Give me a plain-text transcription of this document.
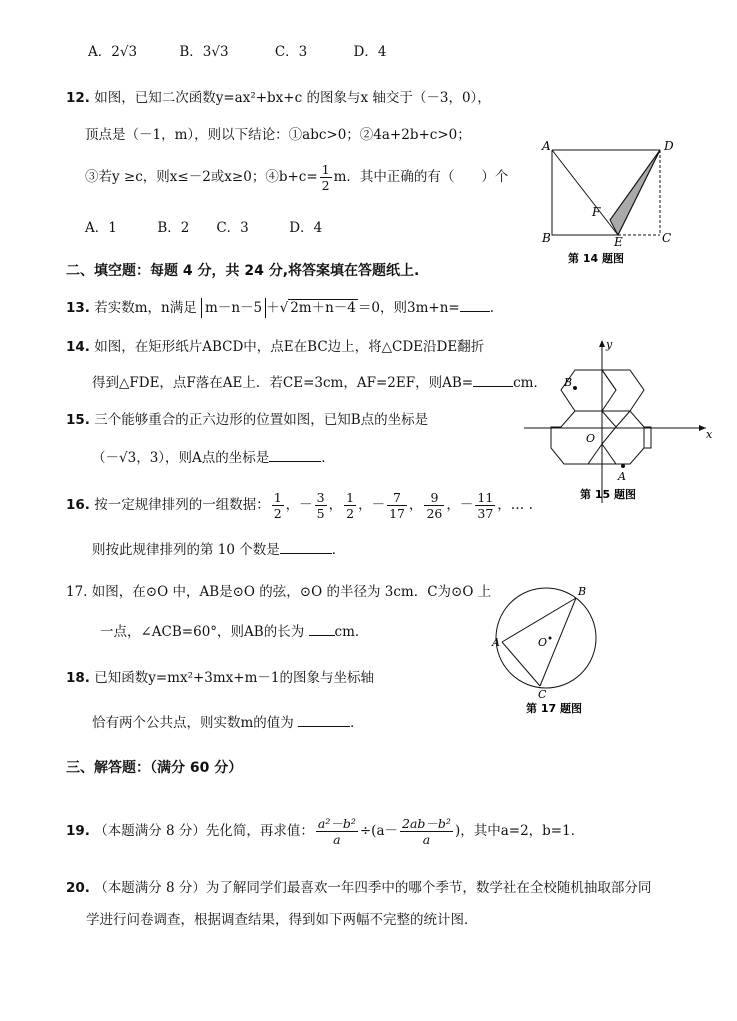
A．2√3	B．3√3	C．3	D．4
12. 如图，已知二次函数y=ax²+bx+c 的图象与x 轴交于（－3，0），
顶点是（－1，m），则以下结论：①abc>0；②4a+2b+c>0；
③若y ≥c，则x≤－2或x≥0；④b+c= $\frac{1}{2}$ m．其中正确的有（　　）个
A．1　　　B．2　　C．3　　　D．4
二、填空题：每题 4 分，共 24 分,将答案填在答题纸上.
13. 若实数m，n满足 m－n－5 ＋√ 2m＋n－4 ＝0，则3m+n= .
14. 如图，在矩形纸片ABCD中，点E在BC边上，将△CDE沿DE翻折
得到△FDE，点F落在AE上．若CE=3cm，AF=2EF，则AB=	cm．
15. 三个能够重合的正六边形的位置如图，已知B点的坐标是
（－√3，3），则A点的坐标是	．
16. 按一定规律排列的一组数据： $\frac{1}{2}$ ，－ $\frac{3}{5}$ ， $\frac{1}{2}$ ，－ $\frac{7}{17}$ ， $\frac{9}{26}$ ，－ $\frac{11}{37}$ ，… .
则按此规律排列的第 10 个数是	．
17. 如图，在⊙O 中，AB是⊙O 的弦，⊙O 的半径为 3cm．C为⊙O 上
一点，∠ACB=60°，则AB的长为 cm．
18. 已知函数y=mx²+3mx+m－1的图象与坐标轴
恰有两个公共点，则实数m的值为	．
三、解答题：（满分 60 分）
19. （本题满分 8 分）先化简，再求值： $\frac{\text{a²－b²}}{a} \div(a- \frac{\text{2ab－b²}}{a}$ )，其中a=2，b=1．
20. （本题满分 8 分）为了解同学们最喜欢一年四季中的哪个季节，数学社在全校随机抽取部分同
学进行问卷调查，根据调查结果，得到如下两幅不完整的统计图．
A	D
B	C
E
F
第 14 题图
x
y
O
A
B
第 15 题图
B
A	O
C
第 17 题图
